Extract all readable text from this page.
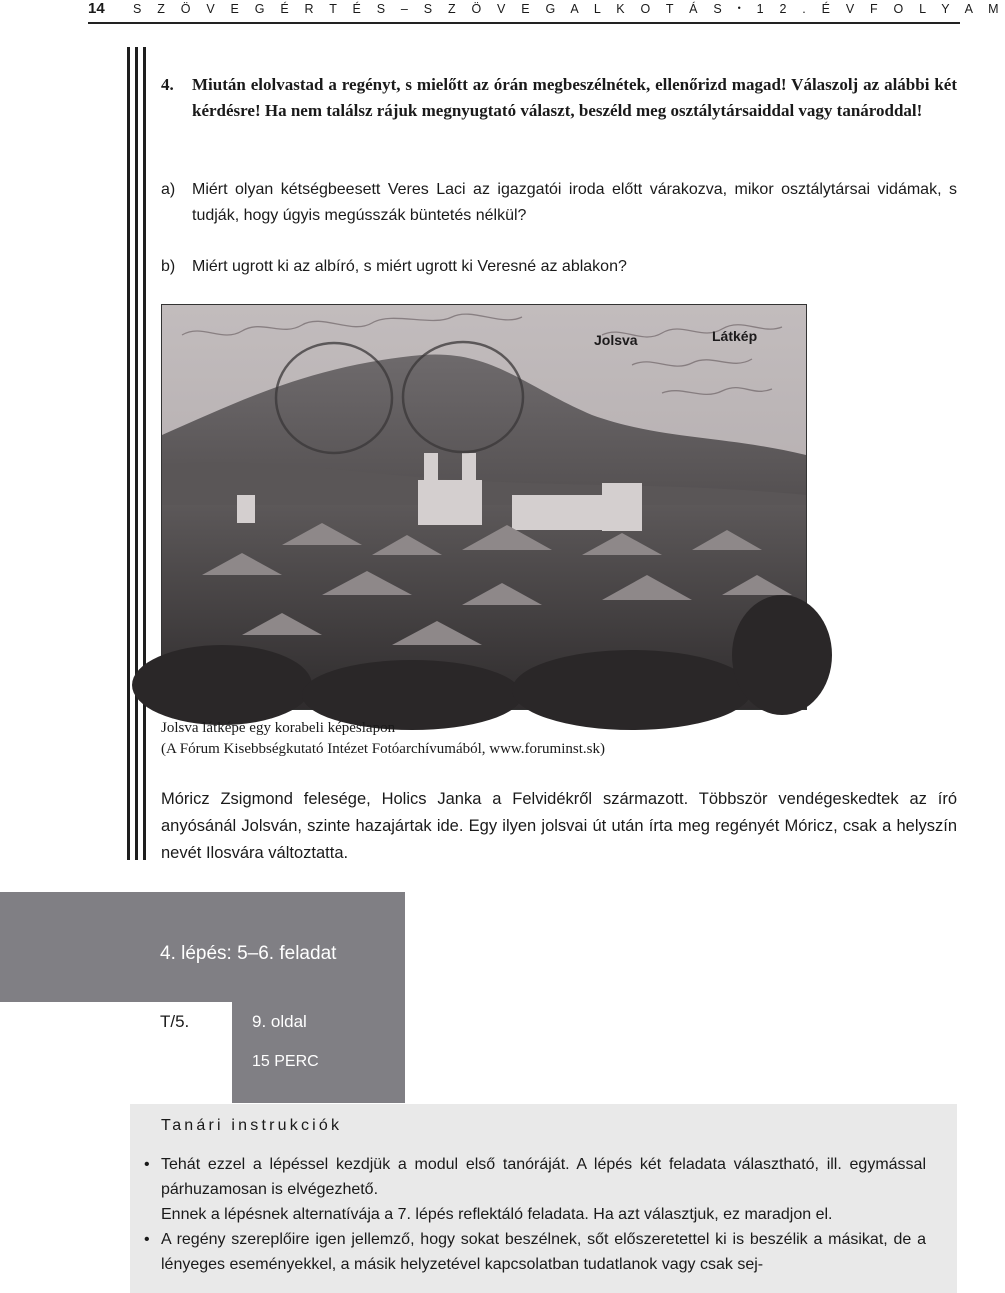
14 S Z Ö V E G É R T É S – S Z Ö V E G A L K O T Á S • 1 2 . É V F O L Y A M
4.	Miután elolvastad a regényt, s mielőtt az órán megbeszélnétek, ellenőrizd magad! Válaszolj az alábbi két kérdésre! Ha nem találsz rájuk megnyugtató választ, beszéld meg osztálytársaiddal vagy tanároddal!
a)	Miért olyan kétségbeesett Veres Laci az igazgatói iroda előtt várakozva, mikor osztálytársai vidámak, s tudják, hogy úgyis megússzák büntetés nélkül?
b)	Miért ugrott ki az albíró, s miért ugrott ki Veresné az ablakon?
Jolsva	Látkép
Jolsva látképe egy korabeli képeslapon
(A Fórum Kisebbségkutató Intézet Fotóarchívumából, www.foruminst.sk)
Móricz Zsigmond felesége, Holics Janka a Felvidékről származott. Többször vendégeskedtek az író anyósánál Jolsván, szinte hazajártak ide. Egy ilyen jolsvai út után írta meg regényét Móricz, csak a helyszín nevét Ilosvára változtatta.
4. lépés: 5–6. feladat
T/5.	9. oldal
15 PERC
Tanári instrukciók
• Tehát ezzel a lépéssel kezdjük a modul első tanóráját. A lépés két feladata választható, ill. egymással párhuzamosan is elvégezhető.
Ennek a lépésnek alternatívája a 7. lépés reflektáló feladata. Ha azt választjuk, ez maradjon el.
• A regény szereplőire igen jellemző, hogy sokat beszélnek, sőt előszeretettel ki is beszélik a másikat, de a lényeges eseményekkel, a másik helyzetével kapcsolatban tudatlanok vagy csak sej-
